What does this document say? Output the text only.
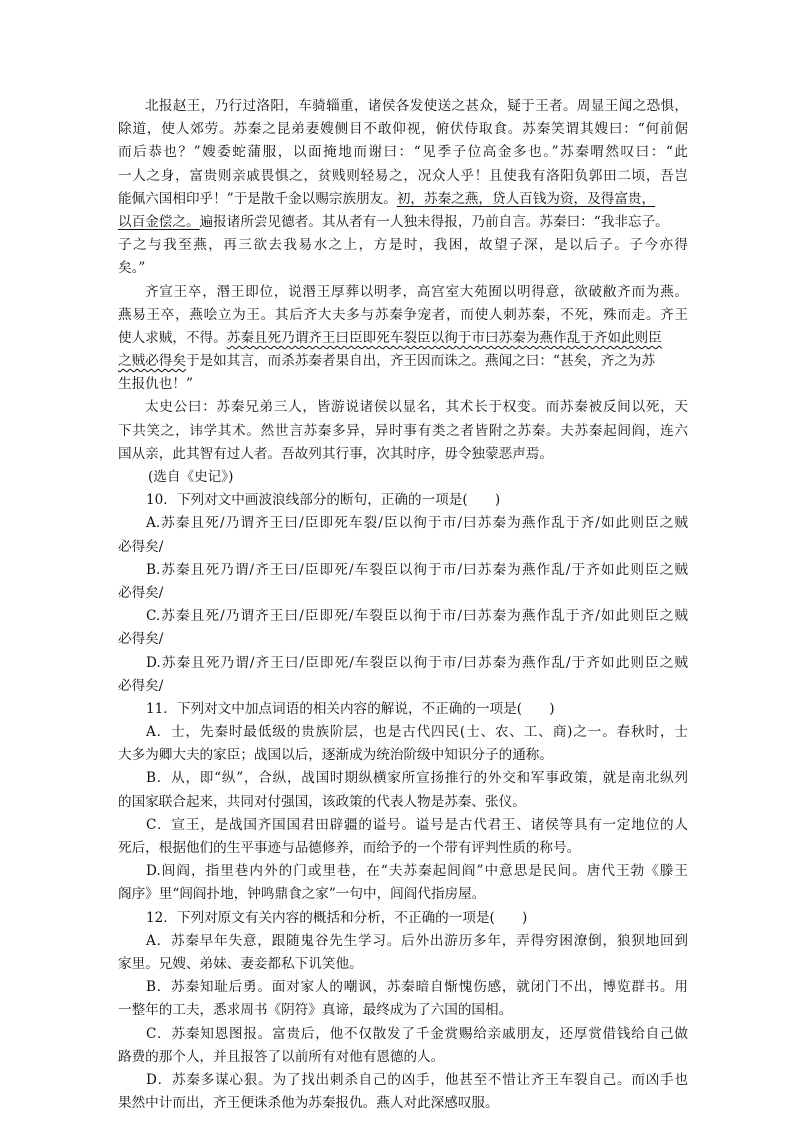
北报赵王，乃行过洛阳，车骑辎重，诸侯各发使送之甚众，疑于王者。周显王闻之恐惧，
除道，使人郊劳。苏秦之昆弟妻嫂侧目不敢仰视，俯伏侍取食。苏秦笑谓其嫂曰：“何前倨
而后恭也？”嫂委蛇蒲服，以面掩地而谢曰：“见季子位高金多也。”苏秦喟然叹曰：“此
一人之身，富贵则亲戚畏惧之，贫贱则轻易之，况众人乎！且使我有洛阳负郭田二顷，吾岂
能佩六国相印乎！”于是散千金以赐宗族朋友。初，苏秦之燕，贷人百钱为资，及得富贵，
以百金偿之。遍报诸所尝见德者。其从者有一人独未得报，乃前自言。苏秦曰：“我非忘子。
子之与我至燕，再三欲去我易水之上，方是时，我困，故望子深，是以后子。子今亦得
矣。”
齐宣王卒，湣王即位，说湣王厚葬以明孝，高宫室大苑囿以明得意，欲破敝齐而为燕。
燕易王卒，燕哙立为王。其后齐大夫多与苏秦争宠者，而使人刺苏秦，不死，殊而走。齐王
使人求贼，不得。苏秦且死乃谓齐王曰臣即死车裂臣以徇于市曰苏秦为燕作乱于齐如此则臣
之贼必得矣于是如其言，而杀苏秦者果自出，齐王因而诛之。燕闻之曰：“甚矣，齐之为苏
生报仇也！”
太史公曰：苏秦兄弟三人，皆游说诸侯以显名，其术长于权变。而苏秦被反间以死，天
下共笑之，讳学其术。然世言苏秦多异，异时事有类之者皆附之苏秦。夫苏秦起闾阎，连六
国从亲，此其智有过人者。吾故列其行事，次其时序，毋令独蒙恶声焉。
(选自《史记》)
10．下列对文中画波浪线部分的断句，正确的一项是(　　)
A.苏秦且死/乃谓齐王曰/臣即死车裂/臣以徇于市/曰苏秦为燕作乱于齐/如此则臣之贼
必得矣/
B.苏秦且死乃谓/齐王曰/臣即死/车裂臣以徇于市/曰苏秦为燕作乱/于齐如此则臣之贼
必得矣/
C.苏秦且死/乃谓齐王曰/臣即死/车裂臣以徇于市/曰苏秦为燕作乱于齐/如此则臣之贼
必得矣/
D.苏秦且死乃谓/齐王曰/臣即死/车裂臣以徇于市/曰苏秦为燕作乱/于齐如此则臣之贼
必得矣/
11．下列对文中加点词语的相关内容的解说，不正确的一项是(　　)
A．士，先秦时最低级的贵族阶层，也是古代四民(士、农、工、商)之一。春秋时，士
大多为卿大夫的家臣；战国以后，逐渐成为统治阶级中知识分子的通称。
B．从，即“纵”，合纵，战国时期纵横家所宣扬推行的外交和军事政策，就是南北纵列
的国家联合起来，共同对付强国，该政策的代表人物是苏秦、张仪。
C．宣王，是战国齐国国君田辟疆的谥号。谥号是古代君王、诸侯等具有一定地位的人
死后，根据他们的生平事迹与品德修养，而给予的一个带有评判性质的称号。
D.闾阎，指里巷内外的门或里巷，在“夫苏秦起闾阎”中意思是民间。唐代王勃《滕王
阁序》里“闾阎扑地，钟鸣鼎食之家”一句中，闾阎代指房屋。
12．下列对原文有关内容的概括和分析，不正确的一项是(　　)
A．苏秦早年失意，跟随鬼谷先生学习。后外出游历多年，弄得穷困潦倒，狼狈地回到
家里。兄嫂、弟妹、妻妾都私下讥笑他。
B．苏秦知耻后勇。面对家人的嘲讽，苏秦暗自惭愧伤感，就闭门不出，博览群书。用
一整年的工夫，悉求周书《阴符》真谛，最终成为了六国的国相。
C．苏秦知恩图报。富贵后，他不仅散发了千金赏赐给亲戚朋友，还厚赏借钱给自己做
路费的那个人，并且报答了以前所有对他有恩德的人。
D．苏秦多谋心狠。为了找出刺杀自己的凶手，他甚至不惜让齐王车裂自己。而凶手也
果然中计而出，齐王便诛杀他为苏秦报仇。燕人对此深感叹服。
